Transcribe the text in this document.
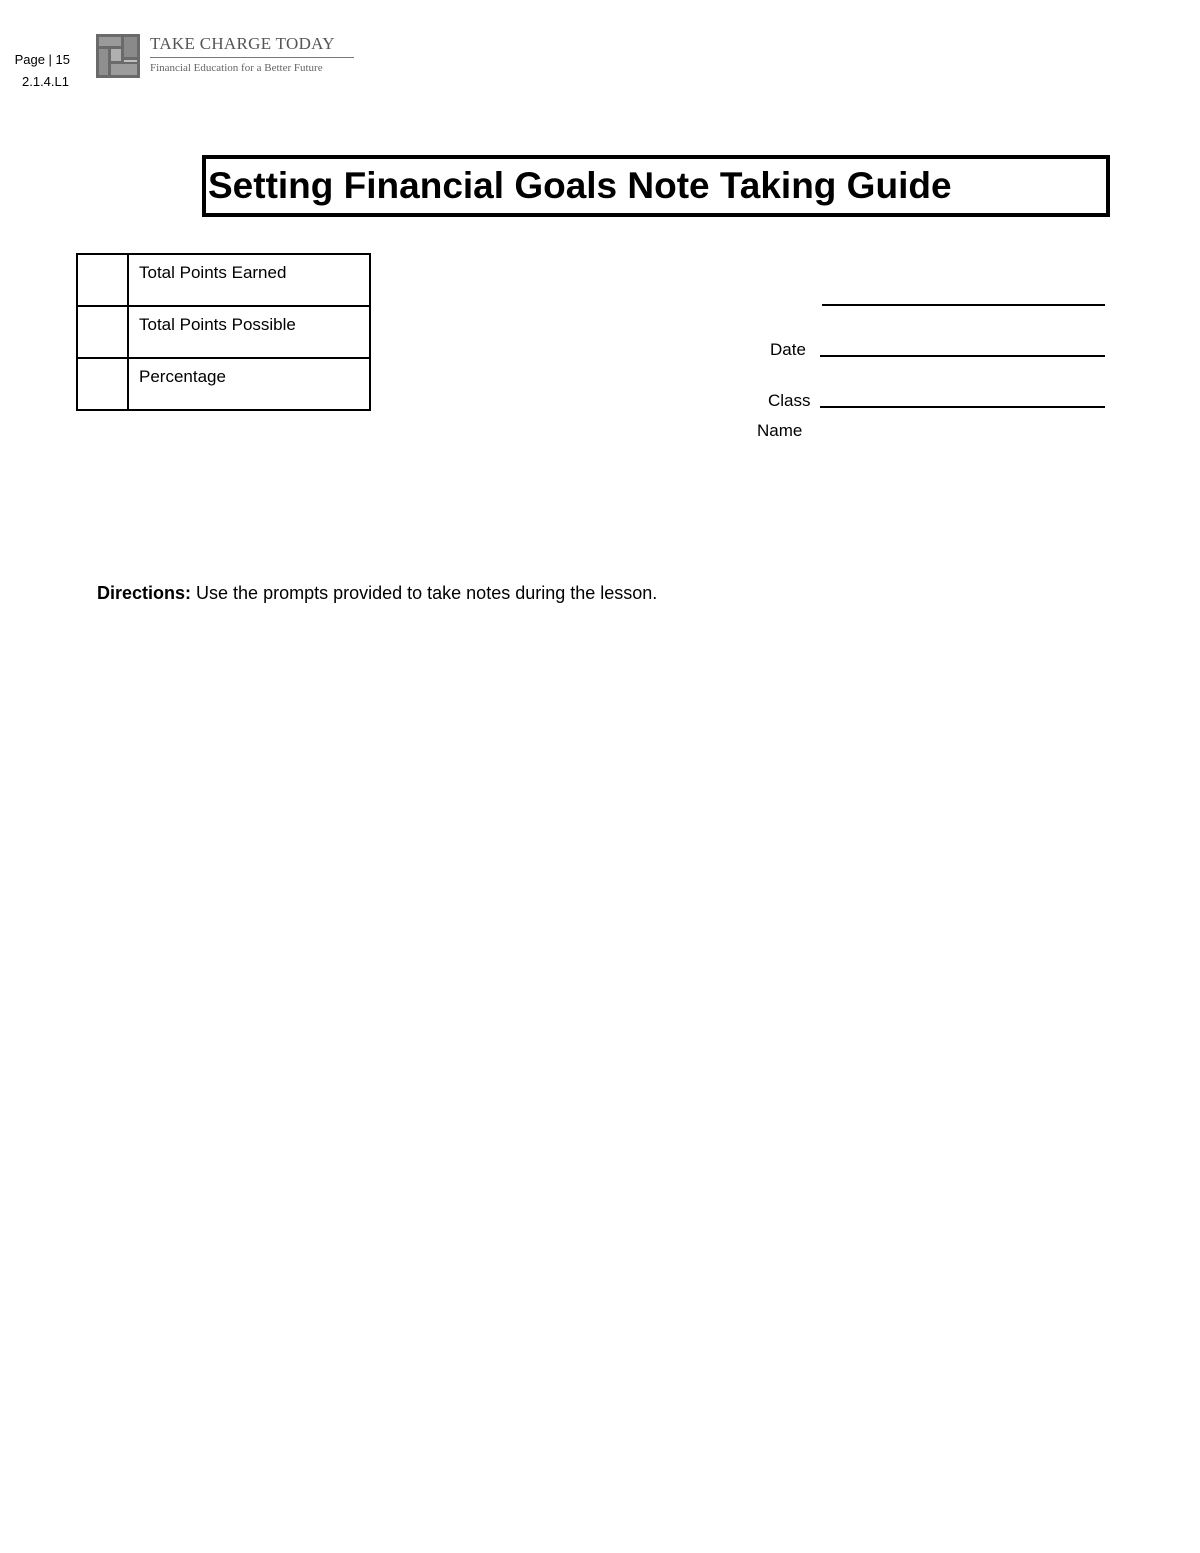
Page | 15
2.1.4.L1
TAKE CHARGE TODAY
Financial Education for a Better Future
Setting Financial Goals Note Taking Guide
	Total Points Earned
	Total Points Possible
	Percentage
Date
Class
Name
Directions: Use the prompts provided to take notes during the lesson.
